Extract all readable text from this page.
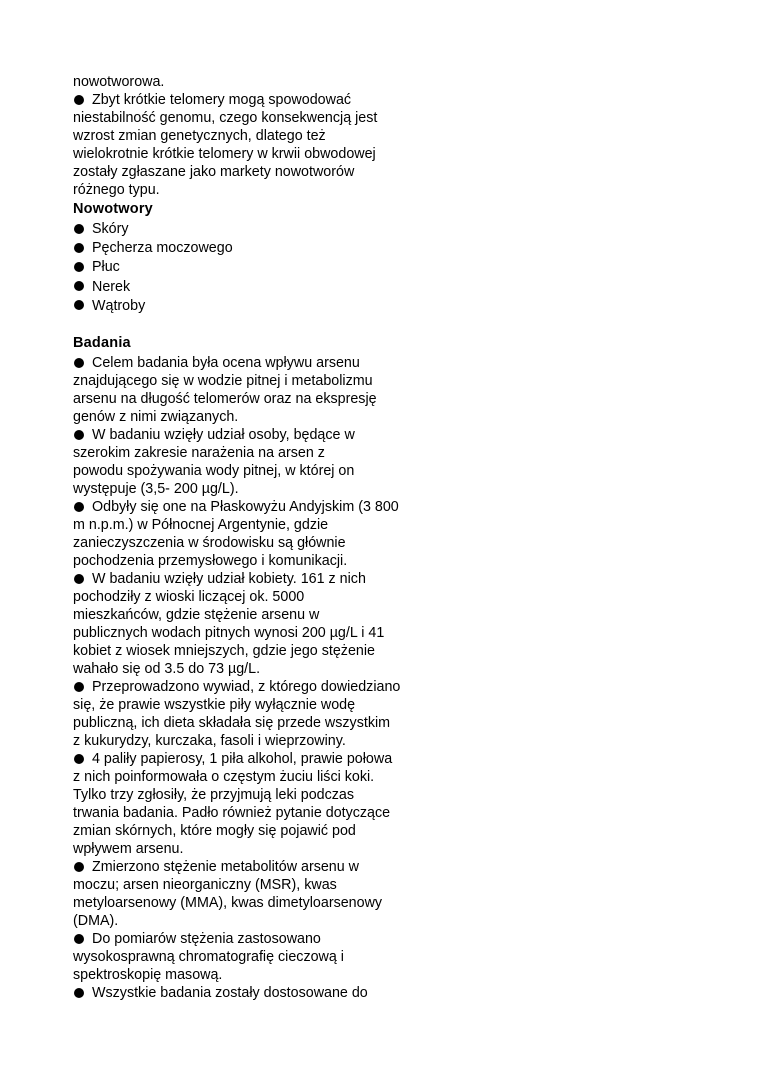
nowotworowa.

Zbyt krótkie telomery mogą spowodować

niestabilność genomu, czego konsekwencją jest

wzrost zmian genetycznych, dlatego też

wielokrotnie krótkie telomery w krwii obwodowej

zostały zgłaszane jako markety nowotworów

różnego typu.

Nowotwory
Skóry
Pęcherza moczowego
Płuc
Nerek
Wątroby
Badania

Celem badania była ocena wpływu arsenu

znajdującego się w wodzie pitnej i metabolizmu

arsenu na długość telomerów oraz na ekspresję

genów z nimi związanych.

W badaniu wzięły udział osoby, będące w

szerokim zakresie narażenia na arsen z

powodu spożywania wody pitnej, w której on

występuje (3,5- 200 µg/L).

Odbyły się one na Płaskowyżu Andyjskim (3 800

m n.p.m.) w Północnej Argentynie, gdzie

zanieczyszczenia w środowisku są głównie

pochodzenia przemysłowego i komunikacji.

W badaniu wzięły udział kobiety. 161 z nich

pochodziły z wioski liczącej ok. 5000

mieszkańców, gdzie stężenie arsenu w

publicznych wodach pitnych wynosi 200 µg/L i 41

kobiet z wiosek mniejszych, gdzie jego stężenie

wahało się od 3.5 do 73 µg/L.

Przeprowadzono wywiad, z którego dowiedziano

się, że prawie wszystkie piły wyłącznie wodę

publiczną, ich dieta składała się przede wszystkim

z kukurydzy, kurczaka, fasoli i wieprzowiny.

4 paliły papierosy, 1 piła alkohol, prawie połowa

z nich poinformowała o częstym żuciu liści koki.

Tylko trzy zgłosiły, że przyjmują leki podczas

trwania badania. Padło również pytanie dotyczące

zmian skórnych, które mogły się pojawić pod

wpływem arsenu.

Zmierzono stężenie metabolitów arsenu w

moczu; arsen nieorganiczny (MSR), kwas

metyloarsenowy (MMA), kwas dimetyloarsenowy

(DMA).

Do pomiarów stężenia zastosowano

wysokosprawną chromatografię cieczową i

spektroskopię masową.

Wszystkie badania zostały dostosowane do
